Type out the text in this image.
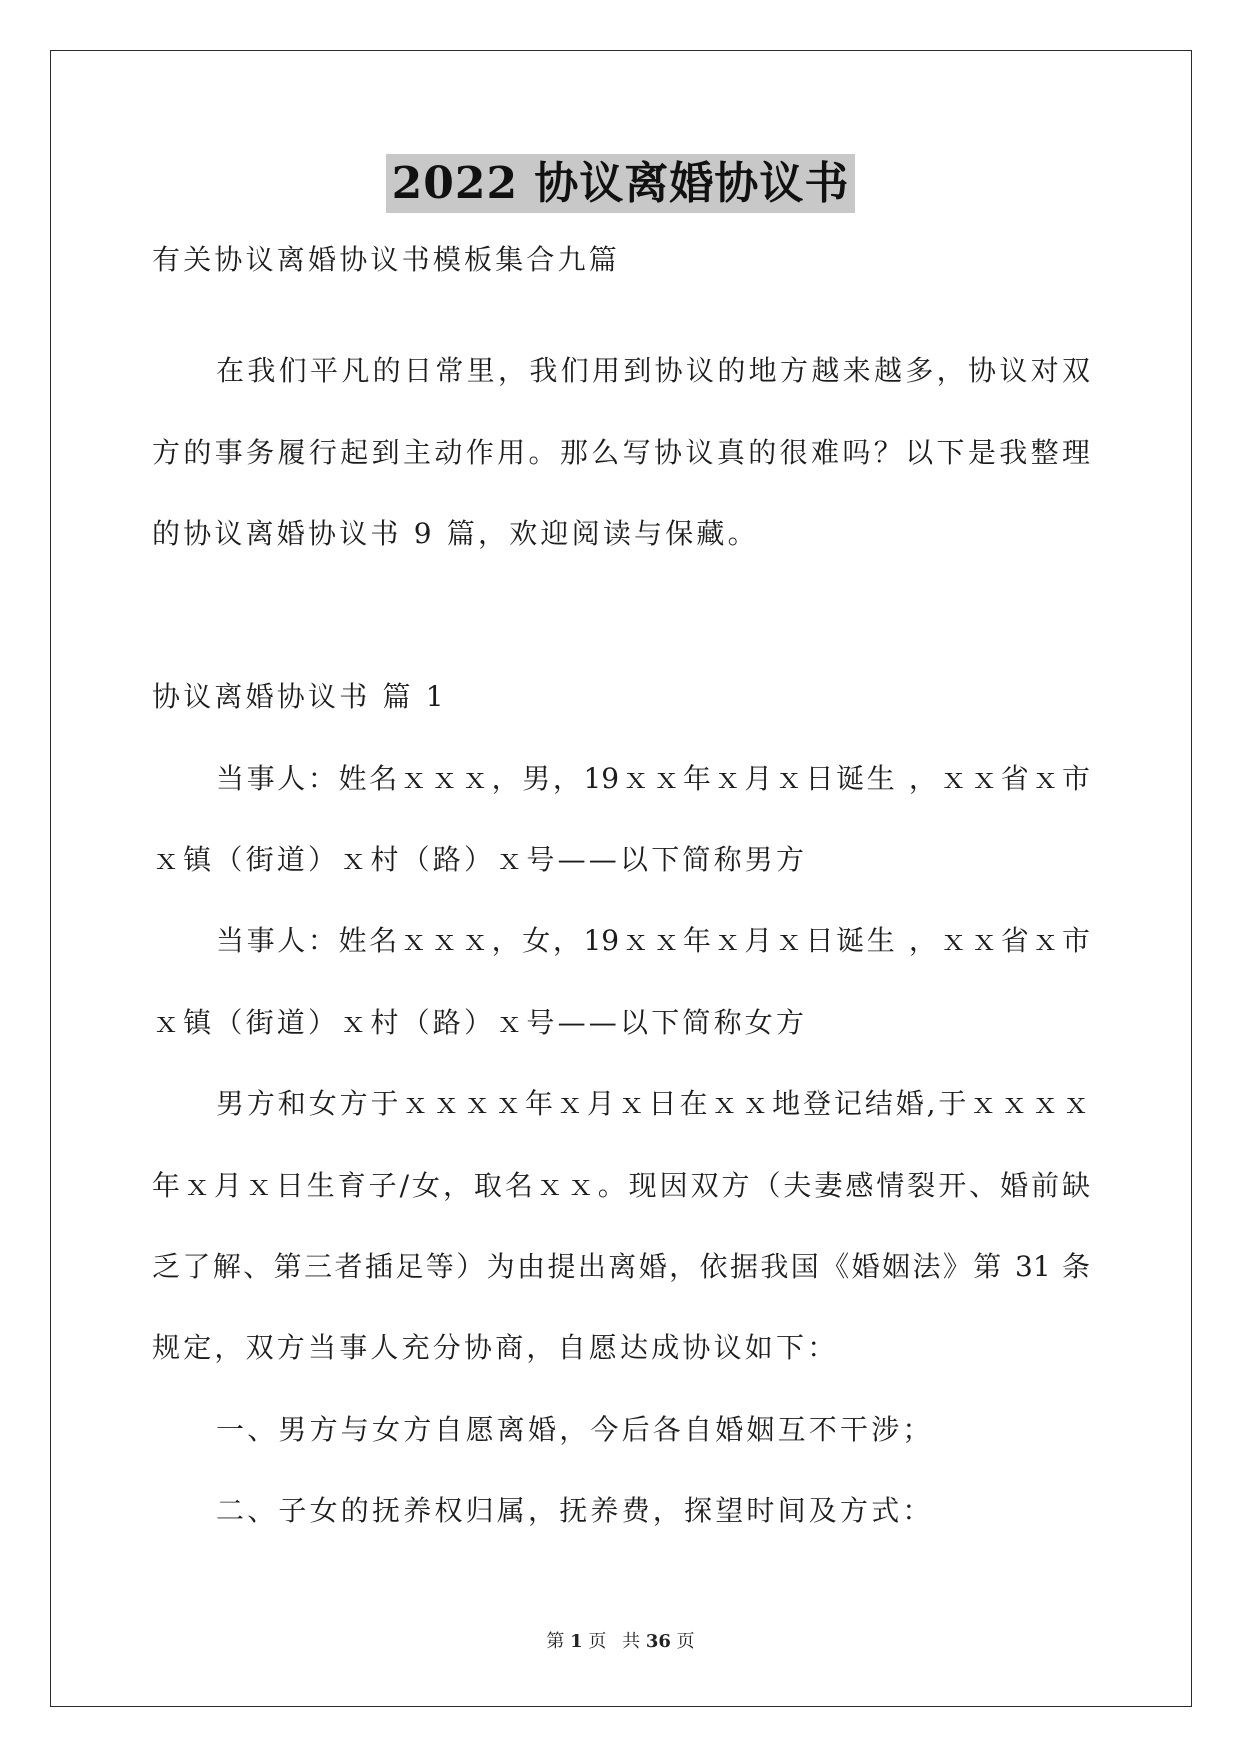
2022 协议离婚协议书
有关协议离婚协议书模板集合九篇
在我们平凡的日常里，我们用到协议的地方越来越多，协议对双
方的事务履行起到主动作用。那么写协议真的很难吗？以下是我整理
的协议离婚协议书 9 篇，欢迎阅读与保藏。
协议离婚协议书 篇 1
当事人：姓名ｘｘｘ，男，19ｘｘ年ｘ月ｘ日诞生 ，ｘｘ省ｘ市
ｘ镇（街道）ｘ村（路）ｘ号——以下简称男方
当事人：姓名ｘｘｘ，女，19ｘｘ年ｘ月ｘ日诞生 ，ｘｘ省ｘ市
ｘ镇（街道）ｘ村（路）ｘ号——以下简称女方
男方和女方于ｘｘｘｘ年ｘ月ｘ日在ｘｘ地登记结婚,于ｘｘｘｘ
年ｘ月ｘ日生育子/女，取名ｘｘ。现因双方（夫妻感情裂开、婚前缺
乏了解、第三者插足等）为由提出离婚，依据我国《婚姻法》第 31 条
规定，双方当事人充分协商，自愿达成协议如下：
一、男方与女方自愿离婚，今后各自婚姻互不干涉；
二、子女的抚养权归属，抚养费，探望时间及方式：
第 1 页 共 36 页
